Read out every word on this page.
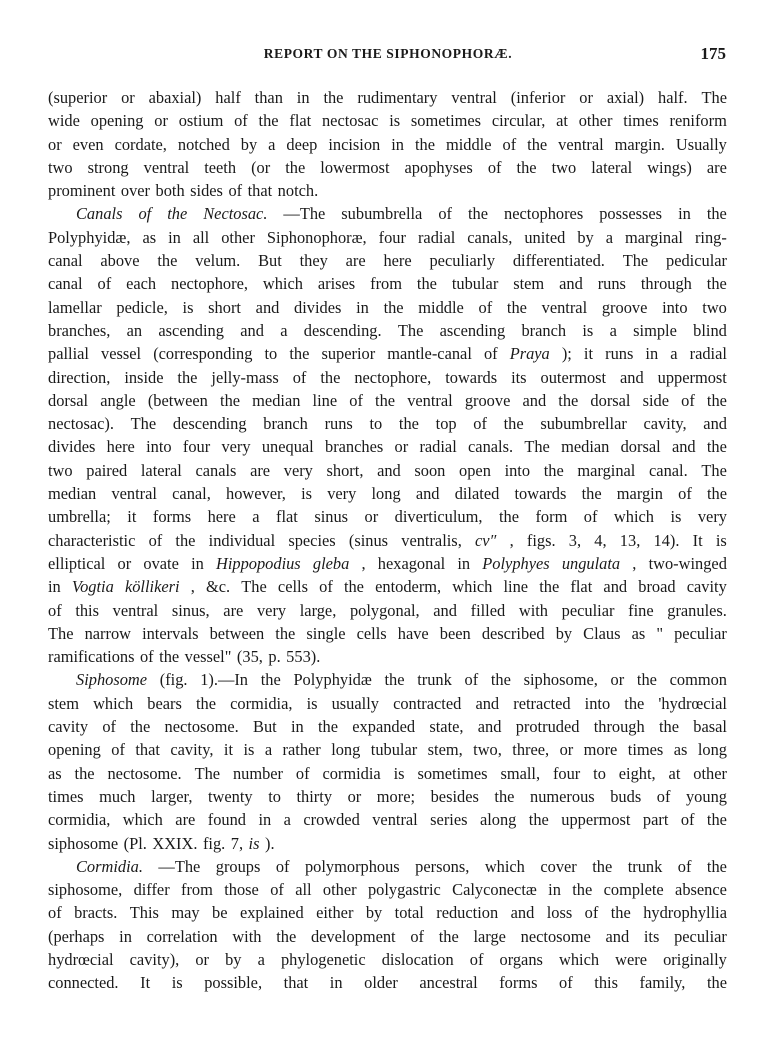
REPORT ON THE SIPHONOPHORÆ.	175
(superior or abaxial) half than in the rudimentary ventral (inferior or axial) half. The
wide opening or ostium of the flat nectosac is sometimes circular, at other times reniform
or even cordate, notched by a deep incision in the middle of the ventral margin. Usually
two strong ventral teeth (or the lowermost apophyses of the two lateral wings) are
prominent over both sides of that notch.
Canals of the Nectosac. —The subumbrella of the nectophores possesses in the
Polyphyidæ, as in all other Siphonophoræ, four radial canals, united by a marginal ring-
canal above the velum. But they are here peculiarly differentiated. The pedicular
canal of each nectophore, which arises from the tubular stem and runs through the
lamellar pedicle, is short and divides in the middle of the ventral groove into two
branches, an ascending and a descending. The ascending branch is a simple blind
pallial vessel (corresponding to the superior mantle-canal of Praya ); it runs in a radial
direction, inside the jelly-mass of the nectophore, towards its outermost and uppermost
dorsal angle (between the median line of the ventral groove and the dorsal side of the
nectosac). The descending branch runs to the top of the subumbrellar cavity, and
divides here into four very unequal branches or radial canals. The median dorsal and the
two paired lateral canals are very short, and soon open into the marginal canal. The
median ventral canal, however, is very long and dilated towards the margin of the
umbrella; it forms here a flat sinus or diverticulum, the form of which is very
characteristic of the individual species (sinus ventralis, cv″ , figs. 3, 4, 13, 14). It is
elliptical or ovate in Hippopodius gleba , hexagonal in Polyphyes ungulata , two-winged
in Vogtia köllikeri , &c. The cells of the entoderm, which line the flat and broad cavity
of this ventral sinus, are very large, polygonal, and filled with peculiar fine granules.
The narrow intervals between the single cells have been described by Claus as " peculiar
ramifications of the vessel" (35, p. 553).
Siphosome (fig. 1).—In the Polyphyidæ the trunk of the siphosome, or the common
stem which bears the cormidia, is usually contracted and retracted into the 'hydrœcial
cavity of the nectosome. But in the expanded state, and protruded through the basal
opening of that cavity, it is a rather long tubular stem, two, three, or more times as long
as the nectosome. The number of cormidia is sometimes small, four to eight, at other
times much larger, twenty to thirty or more; besides the numerous buds of young
cormidia, which are found in a crowded ventral series along the uppermost part of the
siphosome (Pl. XXIX. fig. 7, is ).
Cormidia. —The groups of polymorphous persons, which cover the trunk of the
siphosome, differ from those of all other polygastric Calyconectæ in the complete absence
of bracts. This may be explained either by total reduction and loss of the hydrophyllia
(perhaps in correlation with the development of the large nectosome and its peculiar
hydrœcial cavity), or by a phylogenetic dislocation of organs which were originally
connected. It is possible, that in older ancestral forms of this family, the
